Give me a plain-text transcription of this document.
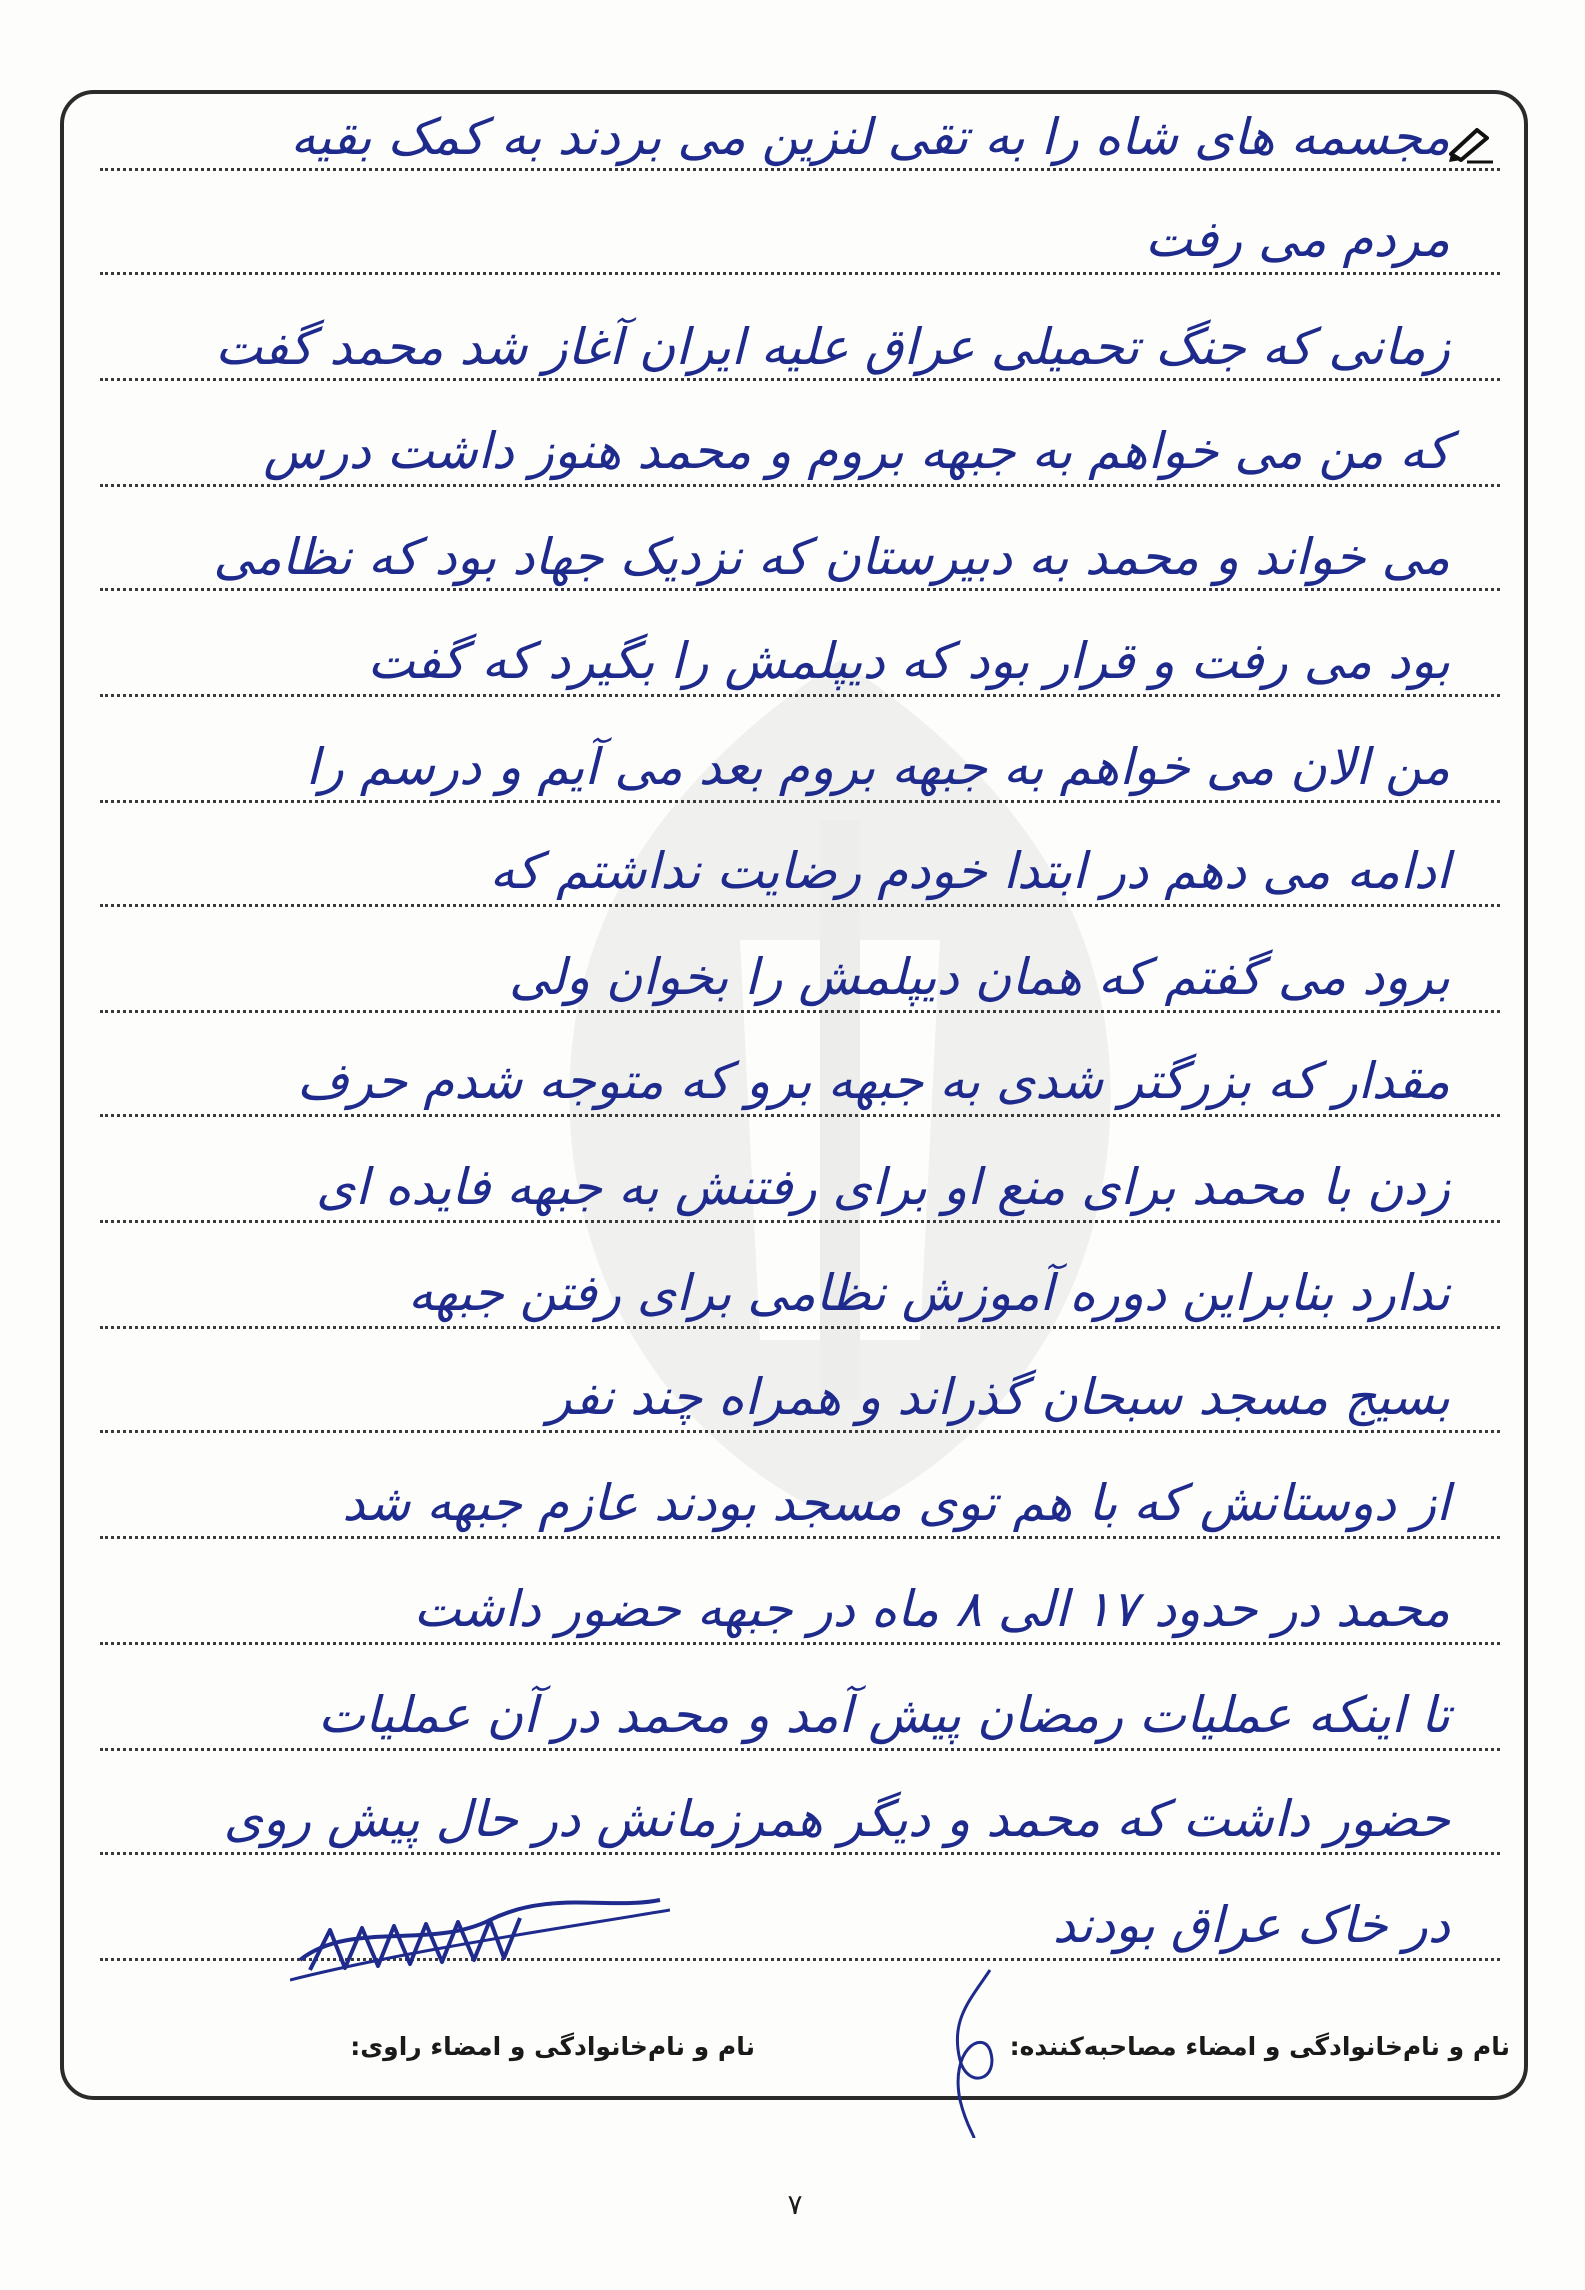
مجسمه های شاه را به تقی لنزین می بردند به کمک بقیه
مردم می رفت
زمانی که جنگ تحمیلی عراق علیه ایران آغاز شد محمد گفت
که من می خواهم به جبهه بروم و محمد هنوز داشت درس
می خواند و محمد به دبیرستان که نزدیک جهاد بود که نظامی
بود می رفت و قرار بود که دیپلمش را بگیرد که گفت
من الان می خواهم به جبهه بروم بعد می آیم و درسم را
ادامه می دهم در ابتدا خودم رضایت نداشتم که
برود می گفتم که همان دیپلمش را بخوان ولی
مقدار که بزرگتر شدی به جبهه برو که متوجه شدم حرف
زدن با محمد برای منع او برای رفتنش به جبهه فایده ای
ندارد بنابراین دوره آموزش نظامی برای رفتن جبهه
بسیج مسجد سبحان گذراند و همراه چند نفر
از دوستانش که با هم توی مسجد بودند عازم جبهه شد
محمد در حدود ۱۷ الی ۸ ماه در جبهه حضور داشت
تا اینکه عملیات رمضان پیش آمد و محمد در آن عملیات
حضور داشت که محمد و دیگر همرزمانش در حال پیش روی
در خاک عراق بودند
نام و نام‌خانوادگی و امضاء مصاحبه‌کننده:
نام و نام‌خانوادگی و امضاء راوی:
۷
